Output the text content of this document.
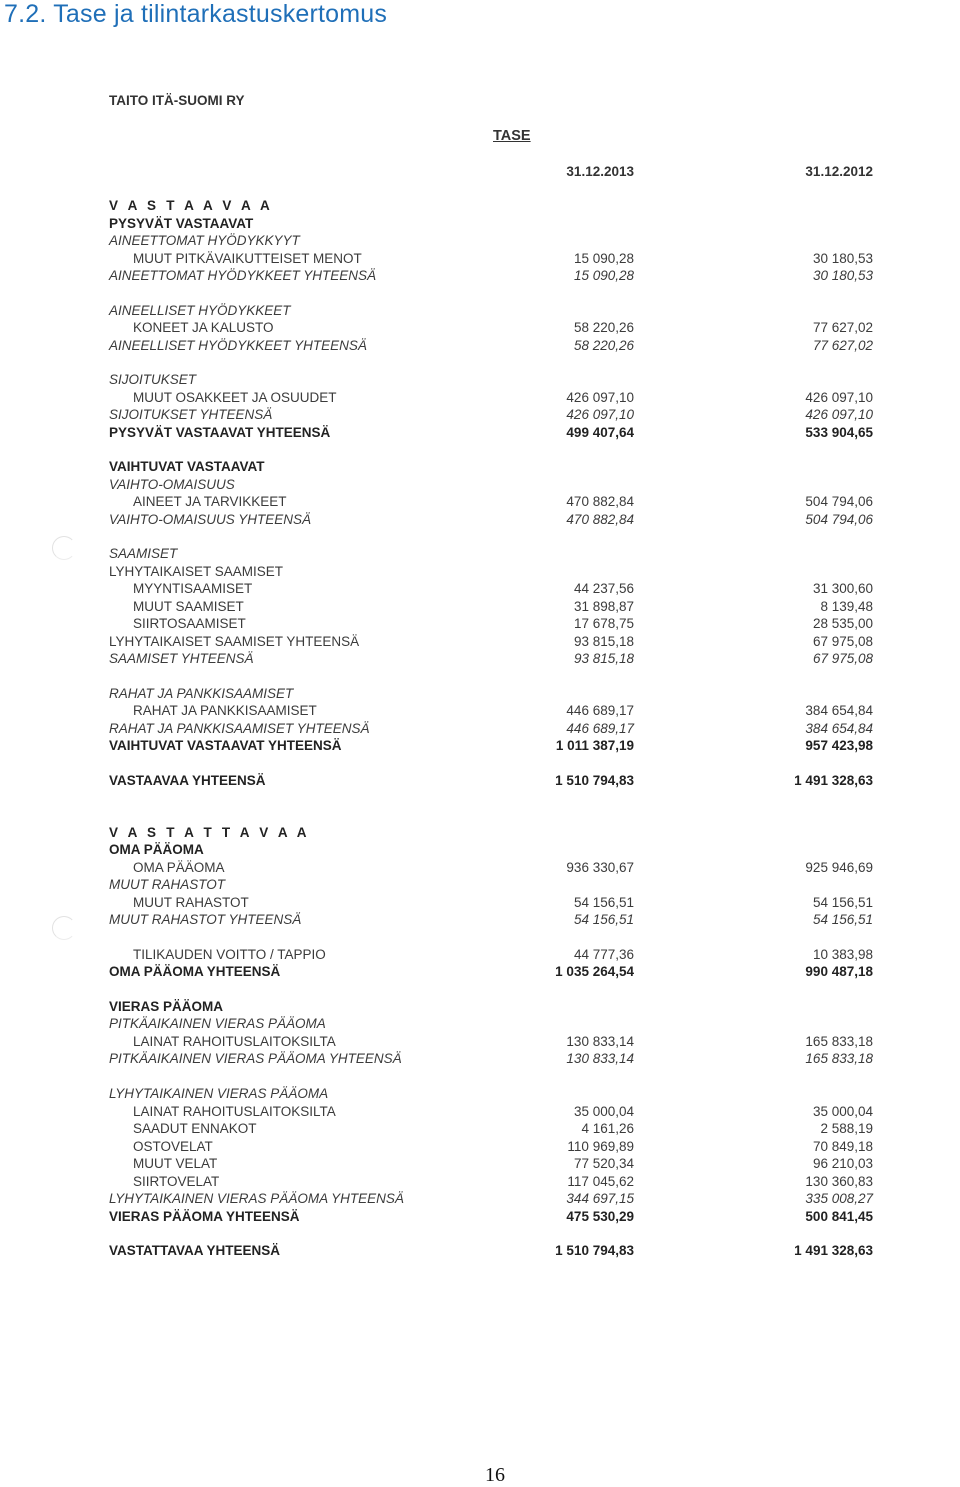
7.2. Tase ja tilintarkastuskertomus
TAITO ITÄ-SUOMI RY
TASE
31.12.2013	31.12.2012
V A S T A A V A A
PYSYVÄT VASTAAVAT
AINEETTOMAT HYÖDYKKYYT
MUUT PITKÄVAIKUTTEISET MENOT	15 090,28	30 180,53
AINEETTOMAT HYÖDYKKEET YHTEENSÄ	15 090,28	30 180,53
AINEELLISET HYÖDYKKEET
KONEET JA KALUSTO	58 220,26	77 627,02
AINEELLISET HYÖDYKKEET YHTEENSÄ	58 220,26	77 627,02
SIJOITUKSET
MUUT OSAKKEET JA OSUUDET	426 097,10	426 097,10
SIJOITUKSET YHTEENSÄ	426 097,10	426 097,10
PYSYVÄT VASTAAVAT YHTEENSÄ	499 407,64	533 904,65
VAIHTUVAT VASTAAVAT
VAIHTO-OMAISUUS
AINEET JA TARVIKKEET	470 882,84	504 794,06
VAIHTO-OMAISUUS YHTEENSÄ	470 882,84	504 794,06
SAAMISET
LYHYTAIKAISET SAAMISET
MYYNTISAAMISET	44 237,56	31 300,60
MUUT SAAMISET	31 898,87	8 139,48
SIIRTOSAAMISET	17 678,75	28 535,00
LYHYTAIKAISET SAAMISET YHTEENSÄ	93 815,18	67 975,08
SAAMISET YHTEENSÄ	93 815,18	67 975,08
RAHAT JA PANKKISAAMISET
RAHAT JA PANKKISAAMISET	446 689,17	384 654,84
RAHAT JA PANKKISAAMISET YHTEENSÄ	446 689,17	384 654,84
VAIHTUVAT VASTAAVAT YHTEENSÄ	1 011 387,19	957 423,98
VASTAAVAA YHTEENSÄ	1 510 794,83	1 491 328,63
V A S T A T T A V A A
OMA PÄÄOMA
OMA PÄÄOMA	936 330,67	925 946,69
MUUT RAHASTOT
MUUT RAHASTOT	54 156,51	54 156,51
MUUT RAHASTOT YHTEENSÄ	54 156,51	54 156,51
TILIKAUDEN VOITTO / TAPPIO	44 777,36	10 383,98
OMA PÄÄOMA YHTEENSÄ	1 035 264,54	990 487,18
VIERAS PÄÄOMA
PITKÄAIKAINEN VIERAS PÄÄOMA
LAINAT RAHOITUSLAITOKSILTA	130 833,14	165 833,18
PITKÄAIKAINEN VIERAS PÄÄOMA YHTEENSÄ	130 833,14	165 833,18
LYHYTAIKAINEN VIERAS PÄÄOMA
LAINAT RAHOITUSLAITOKSILTA	35 000,04	35 000,04
SAADUT ENNAKOT	4 161,26	2 588,19
OSTOVELAT	110 969,89	70 849,18
MUUT VELAT	77 520,34	96 210,03
SIIRTOVELAT	117 045,62	130 360,83
LYHYTAIKAINEN VIERAS PÄÄOMA YHTEENSÄ	344 697,15	335 008,27
VIERAS PÄÄOMA YHTEENSÄ	475 530,29	500 841,45
VASTATTAVAA YHTEENSÄ	1 510 794,83	1 491 328,63
16
